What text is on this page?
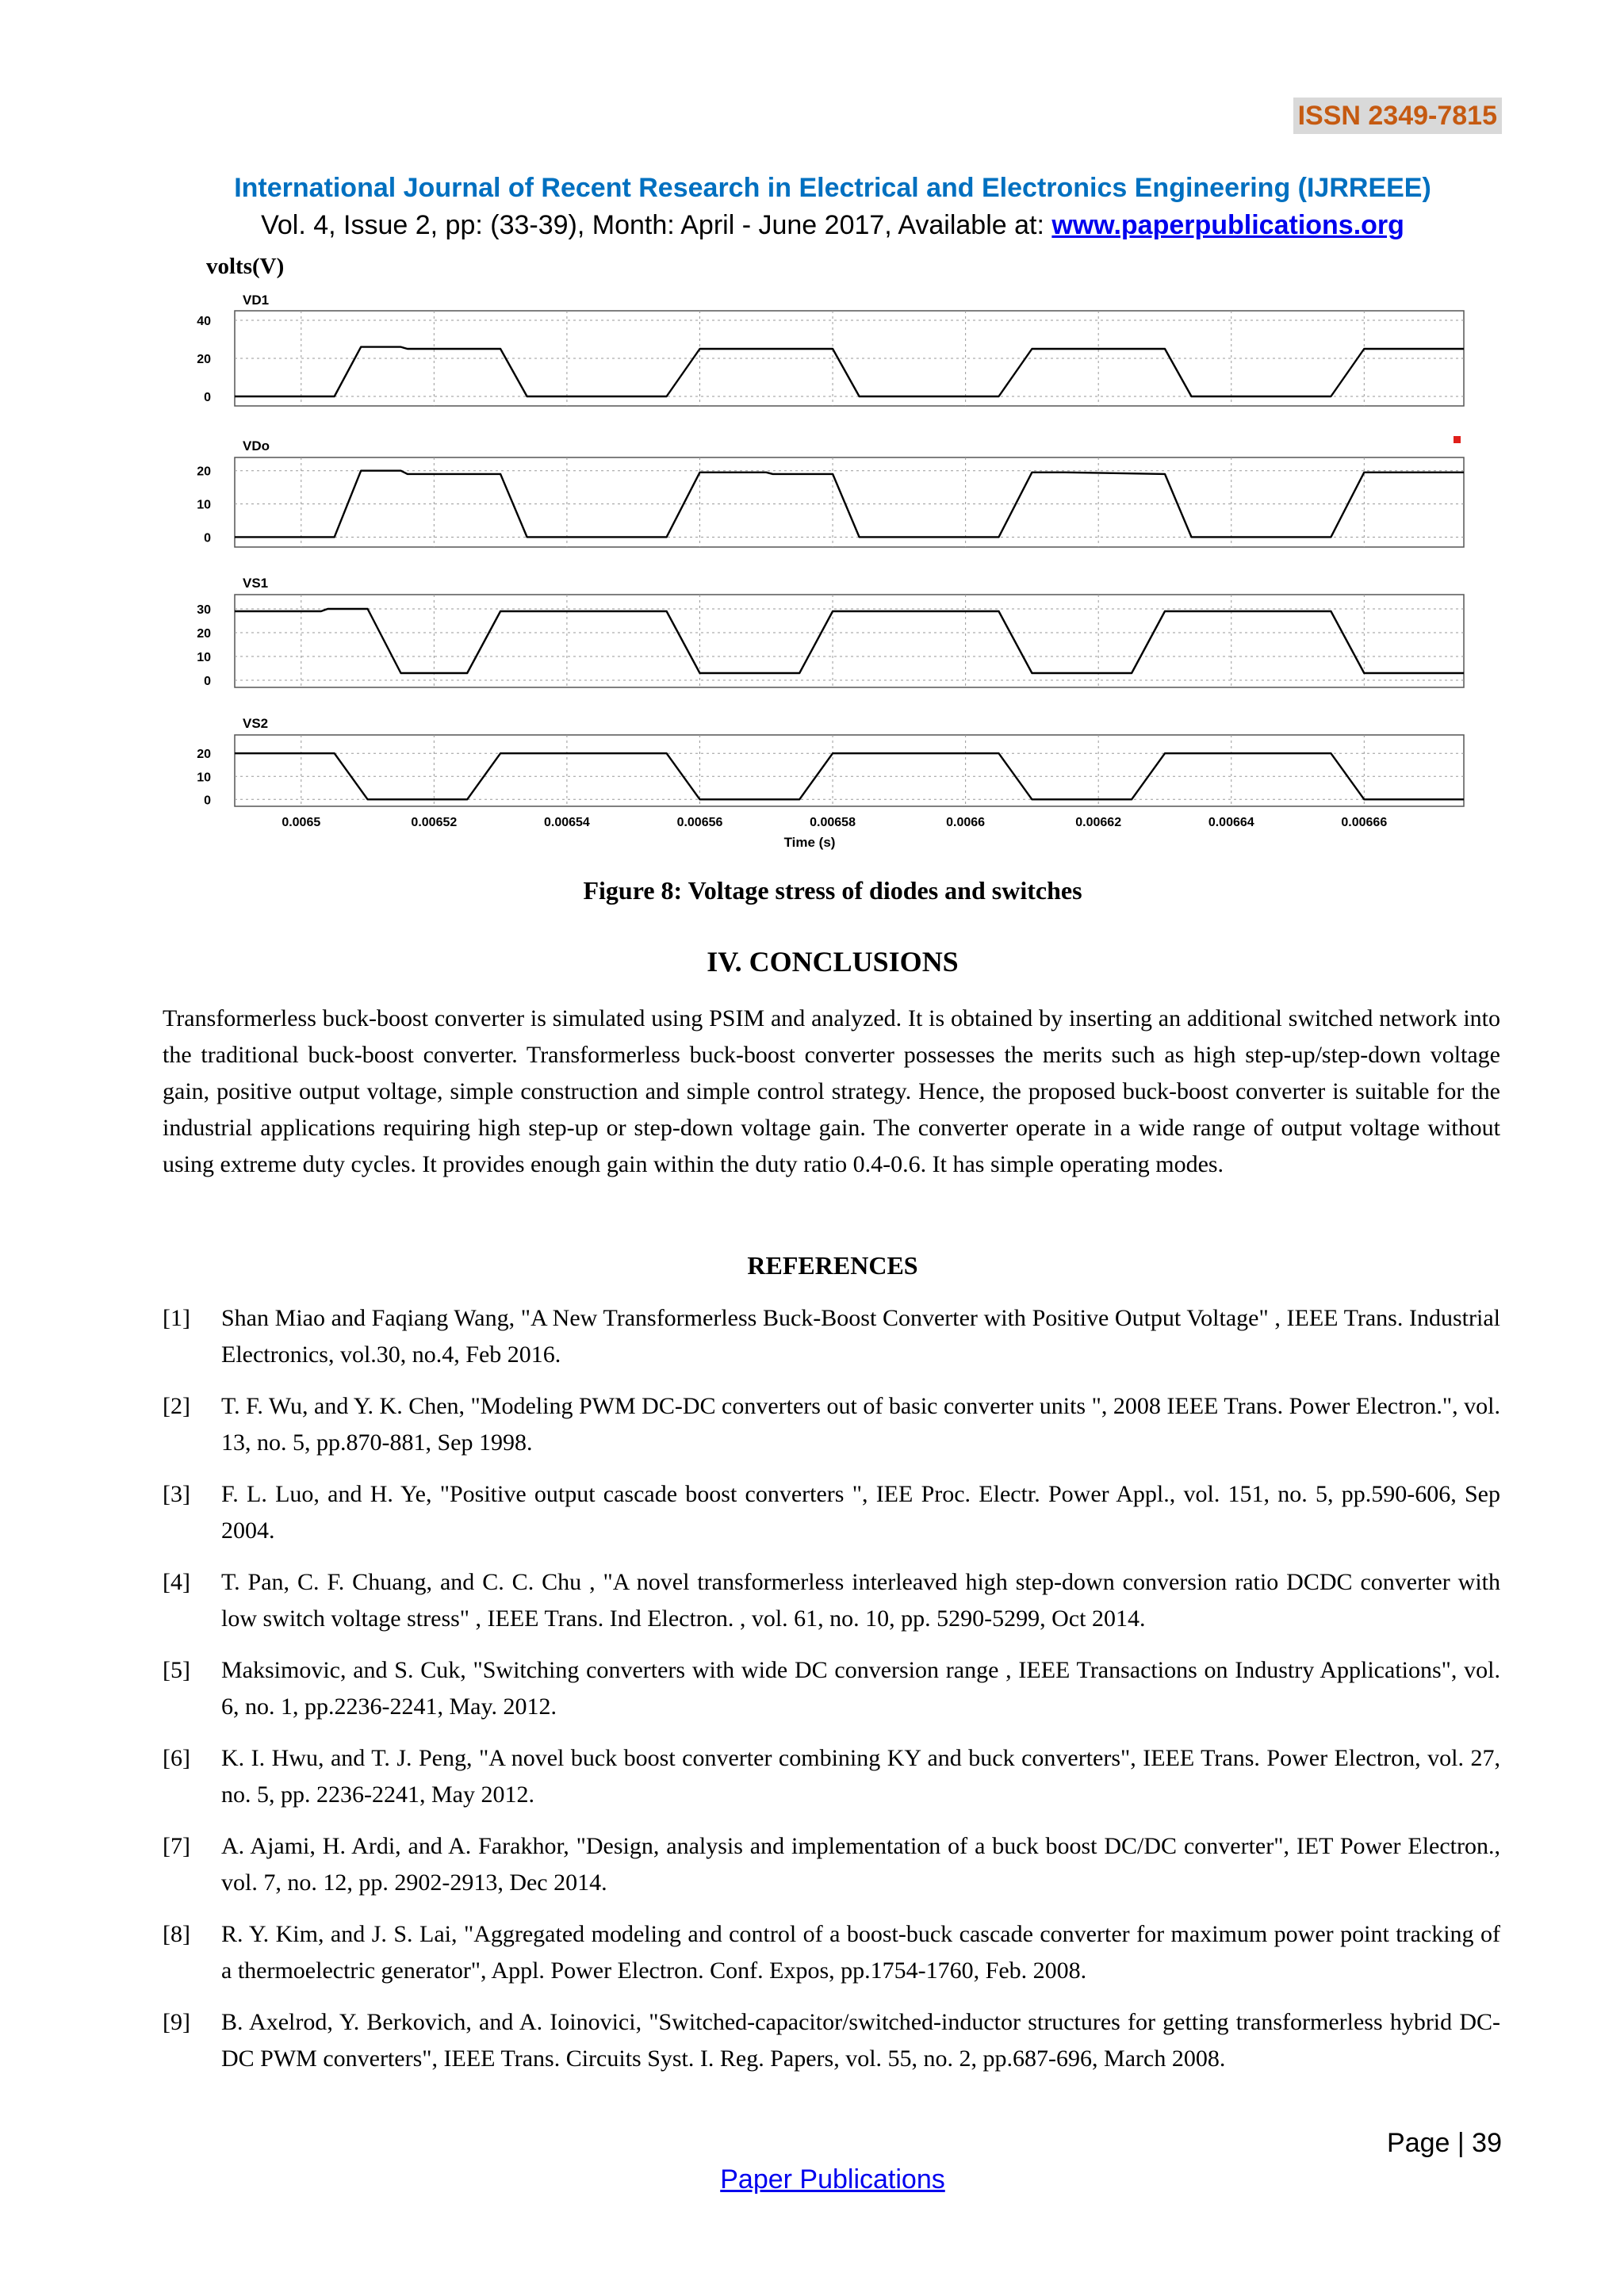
ISSN 2349-7815
International Journal of Recent Research in Electrical and Electronics Engineering (IJRREEE)
Vol. 4, Issue 2, pp: (33-39), Month: April - June 2017, Available at: www.paperpublications.org
volts(V)
0
20
40
VD1
0
10
20
VDo
0
10
20
30
VS1
0
10
20
VS2
0.0065	0.00652	0.00654	0.00656	0.00658	0.0066	0.00662	0.00664	0.00666
Time (s)
Figure 8: Voltage stress of diodes and switches
IV. CONCLUSIONS
Transformerless buck-boost converter is simulated using PSIM and analyzed. It is obtained by inserting an additional switched network into the traditional buck-boost converter. Transformerless buck-boost converter possesses the merits such as high step-up/step-down voltage gain, positive output voltage, simple construction and simple control strategy. Hence, the proposed buck-boost converter is suitable for the industrial applications requiring high step-up or step-down voltage gain. The converter operate in a wide range of output voltage without using extreme duty cycles. It provides enough gain within the duty ratio 0.4-0.6. It has simple operating modes.
REFERENCES
[1] Shan Miao and Faqiang Wang, "A New Transformerless Buck-Boost Converter with Positive Output Voltage" , IEEE Trans. Industrial Electronics, vol.30, no.4, Feb 2016.
[2] T. F. Wu, and Y. K. Chen, "Modeling PWM DC-DC converters out of basic converter units ", 2008 IEEE Trans. Power Electron.", vol. 13, no. 5, pp.870-881, Sep 1998.
[3] F. L. Luo, and H. Ye, "Positive output cascade boost converters ", IEE Proc. Electr. Power Appl., vol. 151, no. 5, pp.590-606, Sep 2004.
[4] T. Pan, C. F. Chuang, and C. C. Chu , "A novel transformerless interleaved high step-down conversion ratio DCDC converter with low switch voltage stress" , IEEE Trans. Ind Electron. , vol. 61, no. 10, pp. 5290-5299, Oct 2014.
[5] Maksimovic, and S. Cuk, "Switching converters with wide DC conversion range , IEEE Transactions on Industry Applications", vol. 6, no. 1, pp.2236-2241, May. 2012.
[6] K. I. Hwu, and T. J. Peng, "A novel buck boost converter combining KY and buck converters", IEEE Trans. Power Electron, vol. 27, no. 5, pp. 2236-2241, May 2012.
[7] A. Ajami, H. Ardi, and A. Farakhor, "Design, analysis and implementation of a buck boost DC/DC converter", IET Power Electron., vol. 7, no. 12, pp. 2902-2913, Dec 2014.
[8] R. Y. Kim, and J. S. Lai, "Aggregated modeling and control of a boost-buck cascade converter for maximum power point tracking of a thermoelectric generator", Appl. Power Electron. Conf. Expos, pp.1754-1760, Feb. 2008.
[9] B. Axelrod, Y. Berkovich, and A. Ioinovici, "Switched-capacitor/switched-inductor structures for getting transformerless hybrid DC-DC PWM converters", IEEE Trans. Circuits Syst. I. Reg. Papers, vol. 55, no. 2, pp.687-696, March 2008.
Page | 39
Paper Publications
